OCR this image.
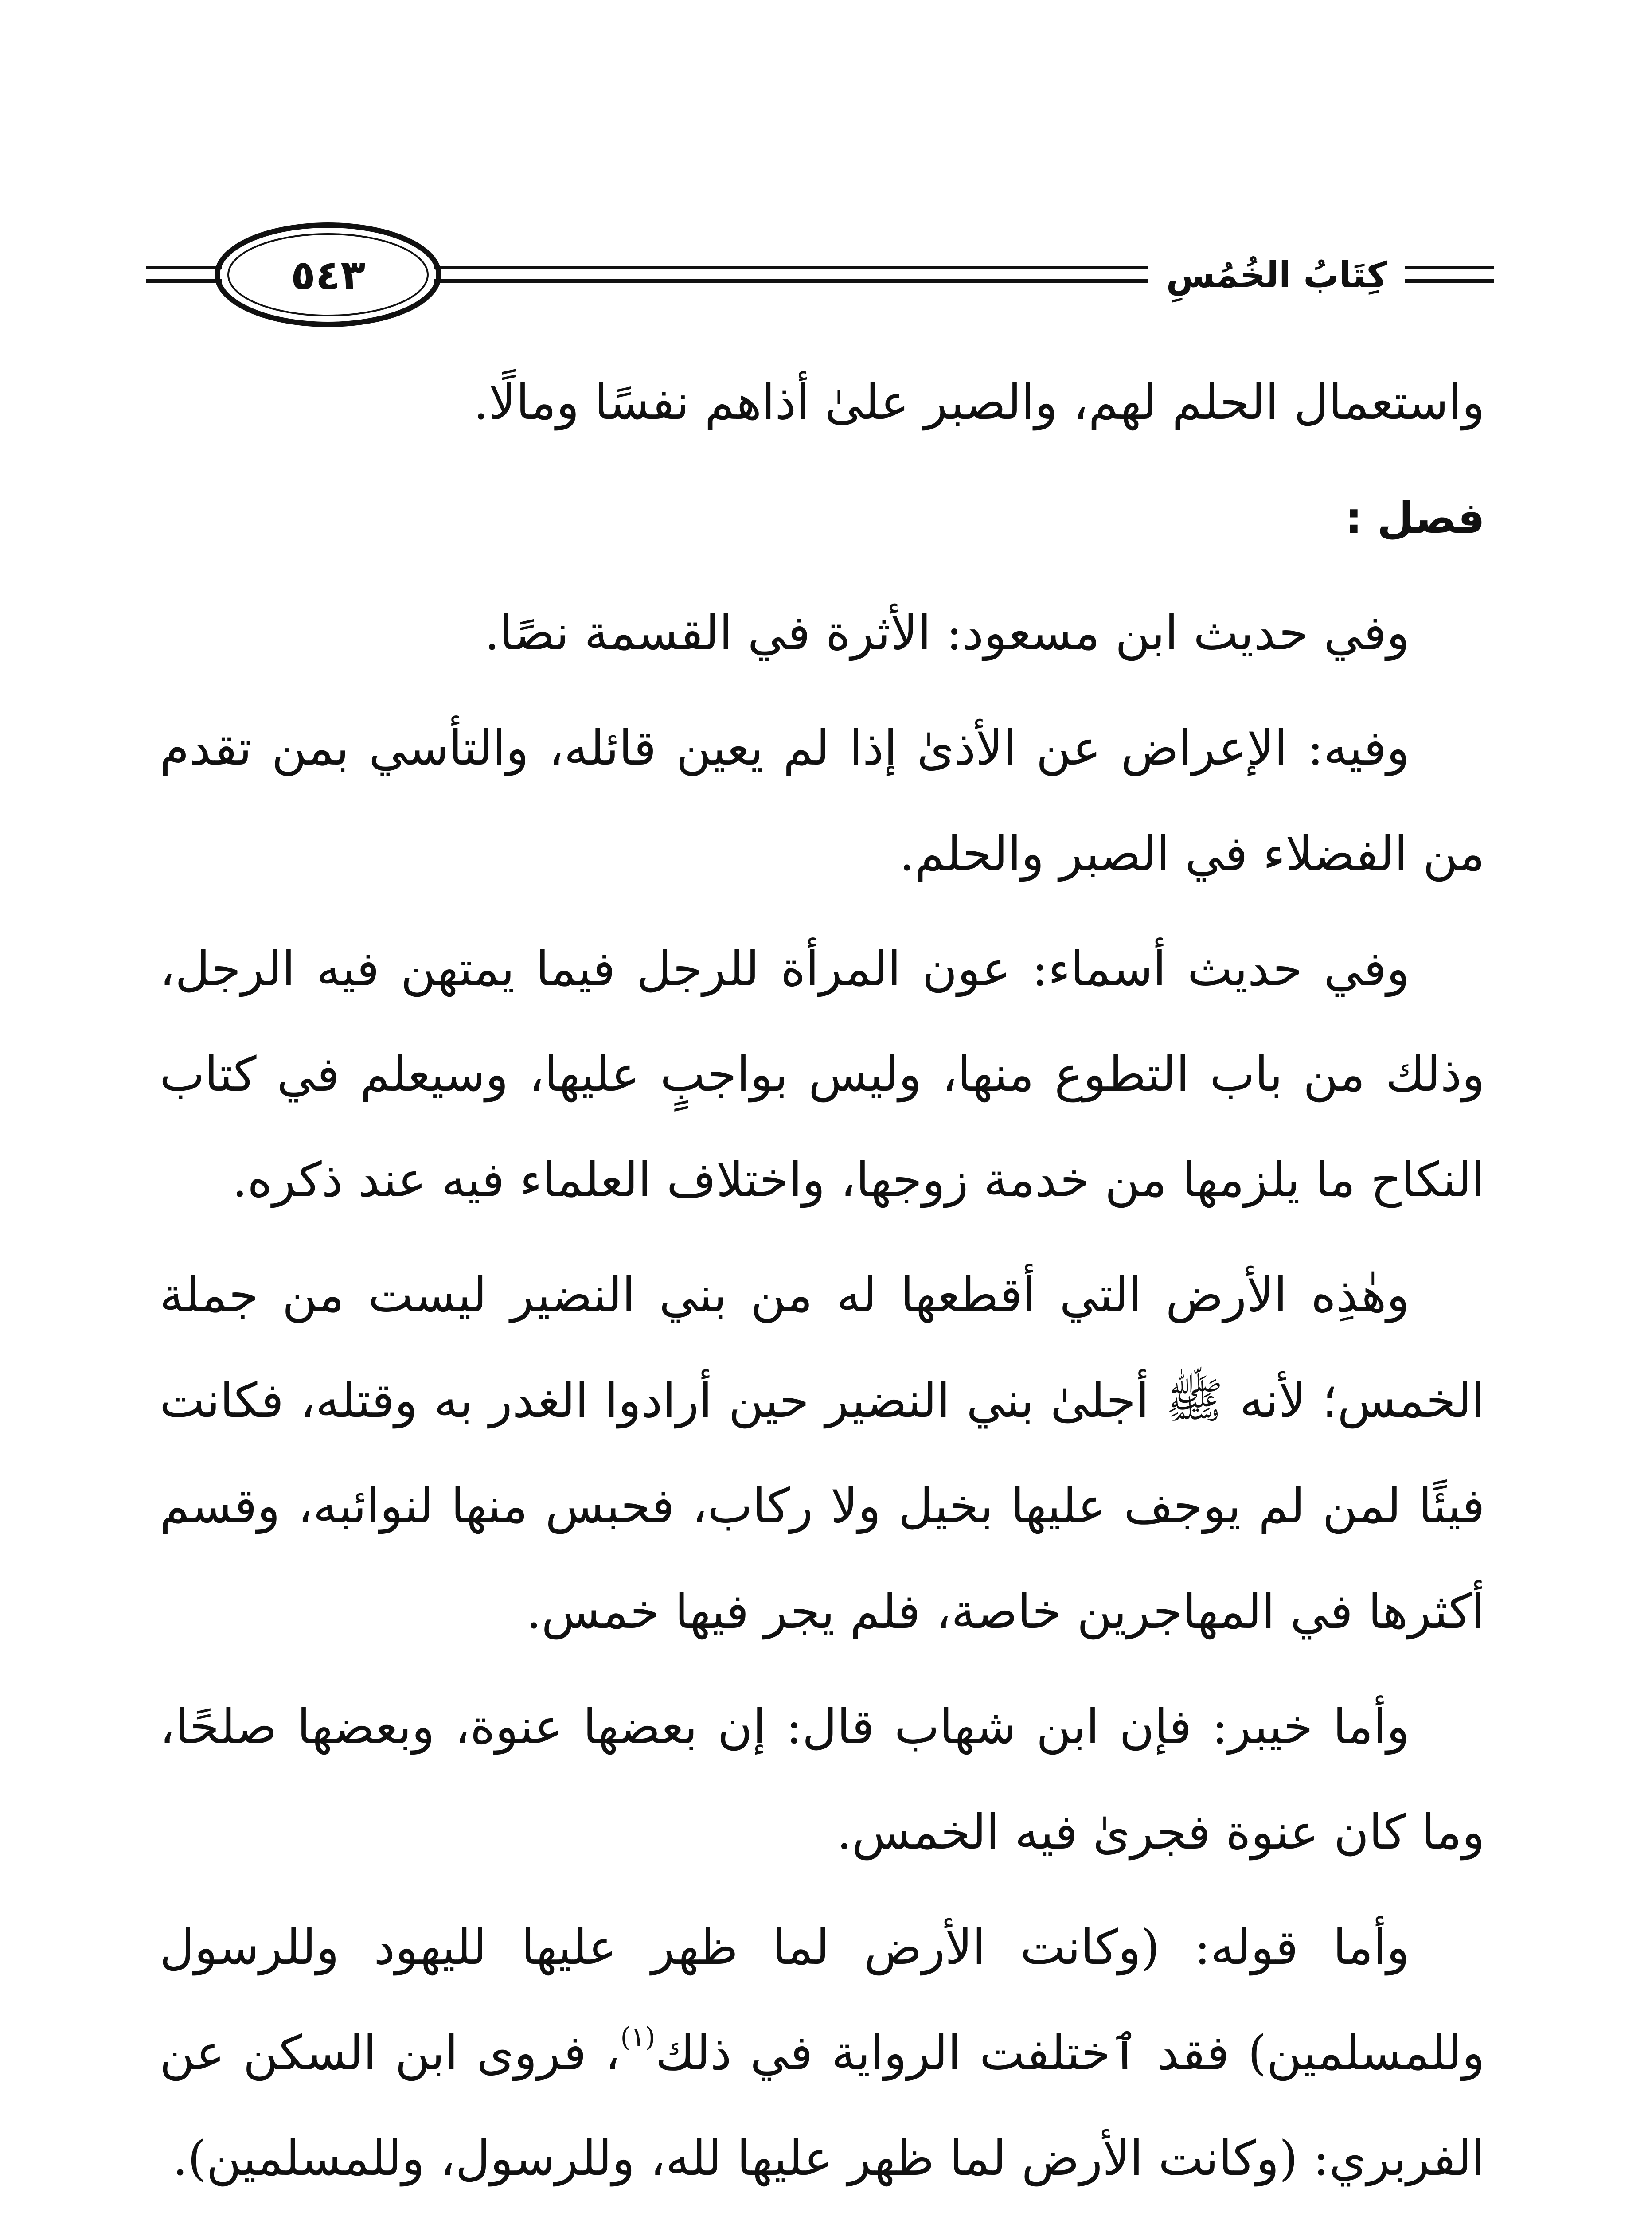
٥٤٣	كِتَابُ الخُمُسِ

واستعمال الحلم لهم، والصبر علىٰ أذاهم نفسًا ومالًا.

فصل :

وفي حديث ابن مسعود: الأثرة في القسمة نصًا.

وفيه: الإعراض عن الأذىٰ إذا لم يعين قائله، والتأسي بمن تقدم من الفضلاء في الصبر والحلم.

وفي حديث أسماء: عون المرأة للرجل فيما يمتهن فيه الرجل، وذلك من باب التطوع منها، وليس بواجبٍ عليها، وسيعلم في كتاب النكاح ما يلزمها من خدمة زوجها، واختلاف العلماء فيه عند ذكره.

وهٰذِه الأرض التي أقطعها له من بني النضير ليست من جملة الخمس؛ لأنه ﷺ أجلىٰ بني النضير حين أرادوا الغدر به وقتله، فكانت فيئًا لمن لم يوجف عليها بخيل ولا ركاب، فحبس منها لنوائبه، وقسم أكثرها في المهاجرين خاصة، فلم يجر فيها خمس.

وأما خيبر: فإن ابن شهاب قال: إن بعضها عنوة، وبعضها صلحًا، وما كان عنوة فجرىٰ فيه الخمس.

وأما قوله: (وكانت الأرض لما ظهر عليها لليهود وللرسول وللمسلمين) فقد ٱختلفت الرواية في ذلك$^{(١)}$، فروى ابن السكن عن الفربري: (وكانت الأرض لما ظهر عليها لله، وللرسول، وللمسلمين).
